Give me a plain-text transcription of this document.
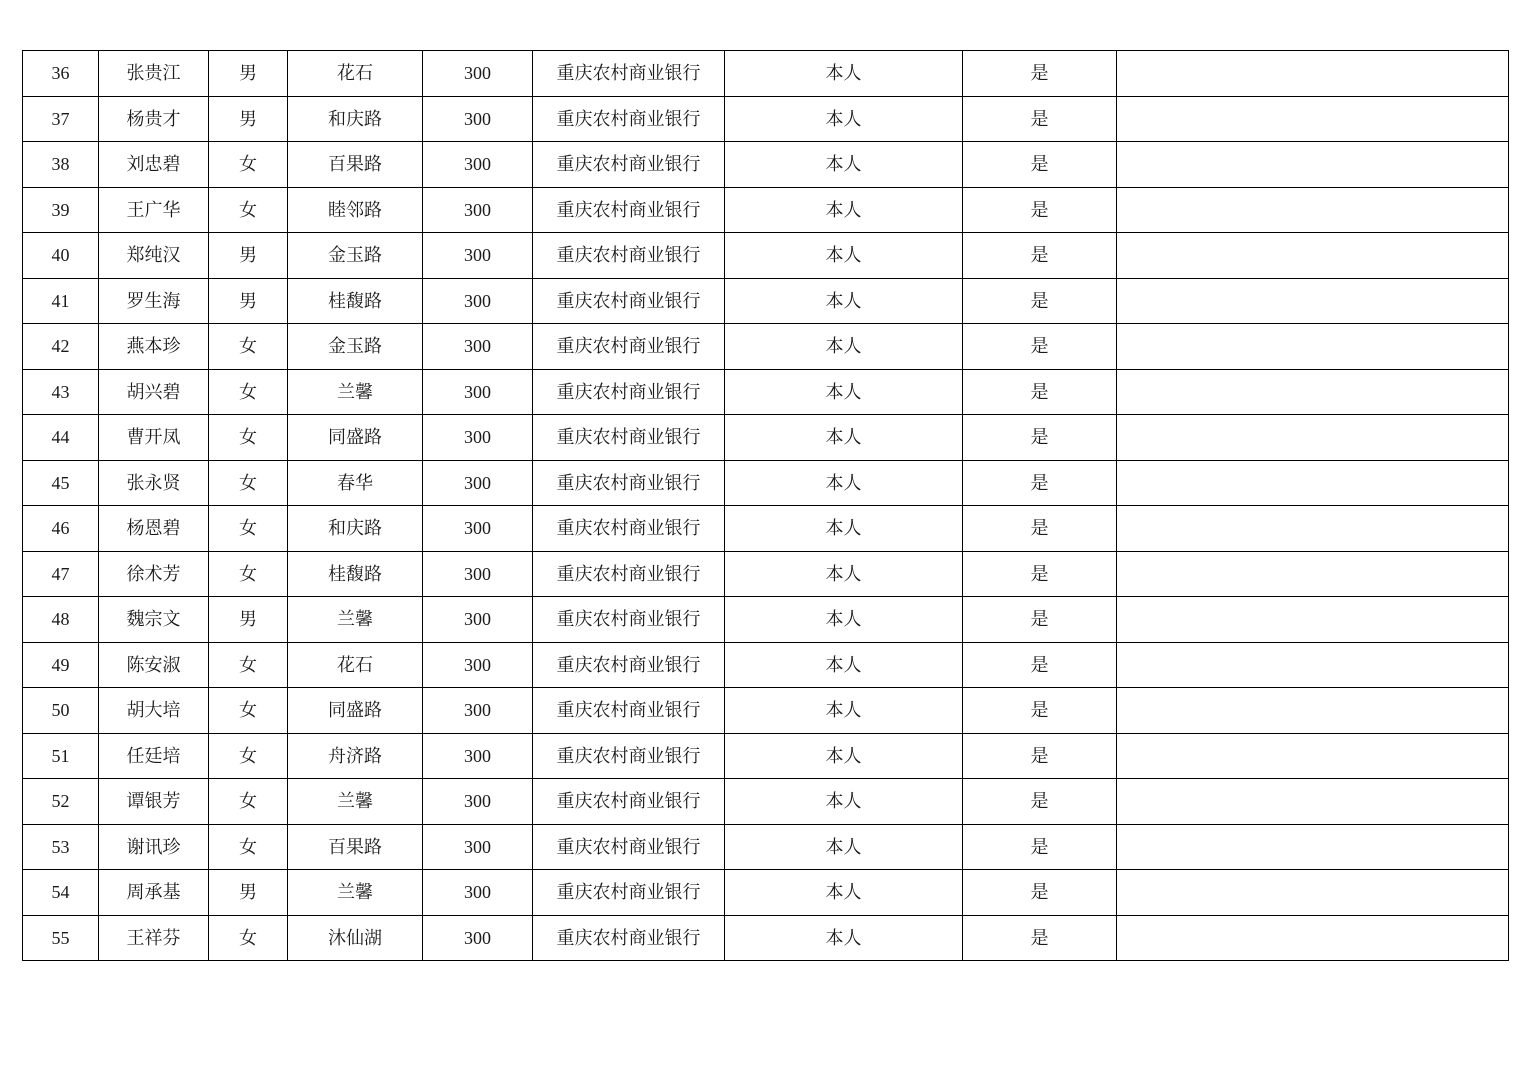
36	张贵江	男	花石	300	重庆农村商业银行	本人	是	
37	杨贵才	男	和庆路	300	重庆农村商业银行	本人	是	
38	刘忠碧	女	百果路	300	重庆农村商业银行	本人	是	
39	王广华	女	睦邻路	300	重庆农村商业银行	本人	是	
40	郑纯汉	男	金玉路	300	重庆农村商业银行	本人	是	
41	罗生海	男	桂馥路	300	重庆农村商业银行	本人	是	
42	燕本珍	女	金玉路	300	重庆农村商业银行	本人	是	
43	胡兴碧	女	兰馨	300	重庆农村商业银行	本人	是	
44	曹开凤	女	同盛路	300	重庆农村商业银行	本人	是	
45	张永贤	女	春华	300	重庆农村商业银行	本人	是	
46	杨恩碧	女	和庆路	300	重庆农村商业银行	本人	是	
47	徐术芳	女	桂馥路	300	重庆农村商业银行	本人	是	
48	魏宗文	男	兰馨	300	重庆农村商业银行	本人	是	
49	陈安淑	女	花石	300	重庆农村商业银行	本人	是	
50	胡大培	女	同盛路	300	重庆农村商业银行	本人	是	
51	任廷培	女	舟济路	300	重庆农村商业银行	本人	是	
52	谭银芳	女	兰馨	300	重庆农村商业银行	本人	是	
53	谢讯珍	女	百果路	300	重庆农村商业银行	本人	是	
54	周承基	男	兰馨	300	重庆农村商业银行	本人	是	
55	王祥芬	女	沐仙湖	300	重庆农村商业银行	本人	是	
